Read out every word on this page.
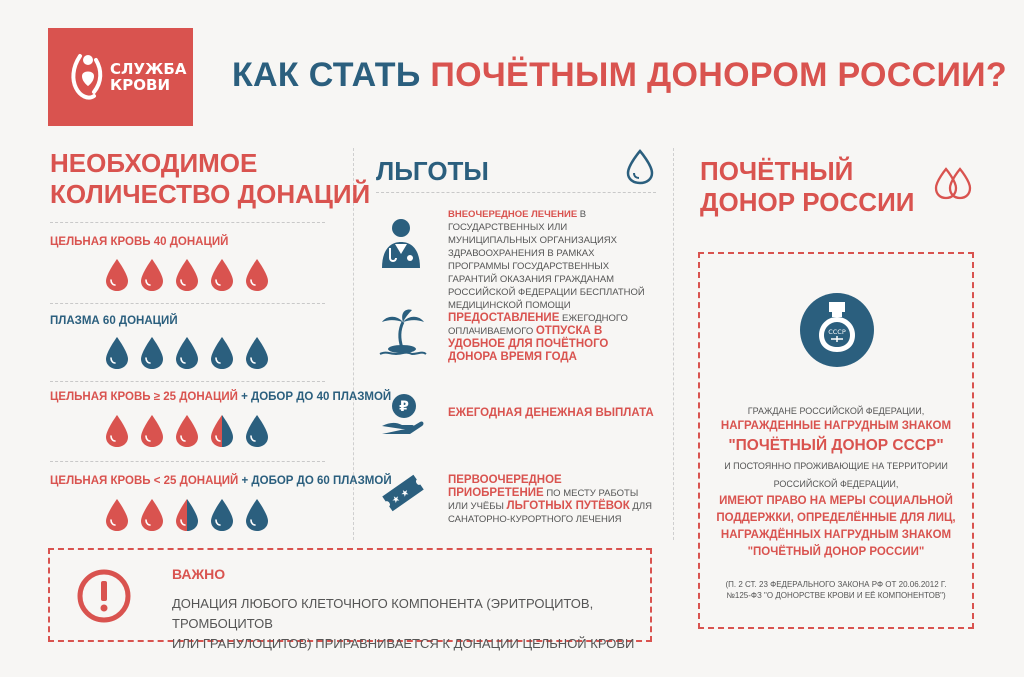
СЛУЖБА
КРОВИ	КАК СТАТЬ ПОЧЁТНЫМ ДОНОРОМ РОССИИ?
НЕОБХОДИМОЕ
КОЛИЧЕСТВО ДОНАЦИЙ
ЦЕЛЬНАЯ КРОВЬ 40 ДОНАЦИЙ
ПЛАЗМА 60 ДОНАЦИЙ
ЦЕЛЬНАЯ КРОВЬ ≥ 25 ДОНАЦИЙ + ДОБОР ДО 40 ПЛАЗМОЙ
ЦЕЛЬНАЯ КРОВЬ < 25 ДОНАЦИЙ + ДОБОР ДО 60 ПЛАЗМОЙ
ЛЬГОТЫ
ВНЕОЧЕРЕДНОЕ ЛЕЧЕНИЕ В ГОСУДАРСТВЕННЫХ ИЛИ МУНИЦИПАЛЬНЫХ ОРГАНИЗАЦИЯХ ЗДРАВООХРАНЕНИЯ В РАМКАХ ПРОГРАММЫ ГОСУДАРСТВЕННЫХ ГАРАНТИЙ ОКАЗАНИЯ ГРАЖДАНАМ РОССИЙСКОЙ ФЕДЕРАЦИИ БЕСПЛАТНОЙ МЕДИЦИНСКОЙ ПОМОЩИ
ПРЕДОСТАВЛЕНИЕ ЕЖЕГОДНОГО ОПЛАЧИВАЕМОГО ОТПУСКА В УДОБНОЕ ДЛЯ ПОЧЁТНОГО ДОНОРА ВРЕМЯ ГОДА
₽	ЕЖЕГОДНАЯ ДЕНЕЖНАЯ ВЫПЛАТА
★ ★
ПЕРВООЧЕРЕДНОЕ ПРИОБРЕТЕНИЕ ПО МЕСТУ РАБОТЫ ИЛИ УЧЁБЫ ЛЬГОТНЫХ ПУТЁВОК ДЛЯ САНАТОРНО-КУРОРТНОГО ЛЕЧЕНИЯ
ПОЧЁТНЫЙ
ДОНОР РОССИИ
СССР
ГРАЖДАНЕ РОССИЙСКОЙ ФЕДЕРАЦИИ,
НАГРАЖДЕННЫЕ НАГРУДНЫМ ЗНАКОМ
"ПОЧЁТНЫЙ ДОНОР СССР"
И ПОСТОЯННО ПРОЖИВАЮЩИЕ НА ТЕРРИТОРИИ
РОССИЙСКОЙ ФЕДЕРАЦИИ,
ИМЕЮТ ПРАВО НА МЕРЫ СОЦИАЛЬНОЙ
ПОДДЕРЖКИ, ОПРЕДЕЛЁННЫЕ ДЛЯ ЛИЦ,
НАГРАЖДЁННЫХ НАГРУДНЫМ ЗНАКОМ
"ПОЧЁТНЫЙ ДОНОР РОССИИ"
(П. 2 СТ. 23 ФЕДЕРАЛЬНОГО ЗАКОНА РФ ОТ 20.06.2012 Г.
№125-ФЗ "О ДОНОРСТВЕ КРОВИ И ЕЁ КОМПОНЕНТОВ")
ВАЖНО
ДОНАЦИЯ ЛЮБОГО КЛЕТОЧНОГО КОМПОНЕНТА (ЭРИТРОЦИТОВ, ТРОМБОЦИТОВ
ИЛИ ГРАНУЛОЦИТОВ) ПРИРАВНИВАЕТСЯ К ДОНАЦИИ ЦЕЛЬНОЙ КРОВИ
